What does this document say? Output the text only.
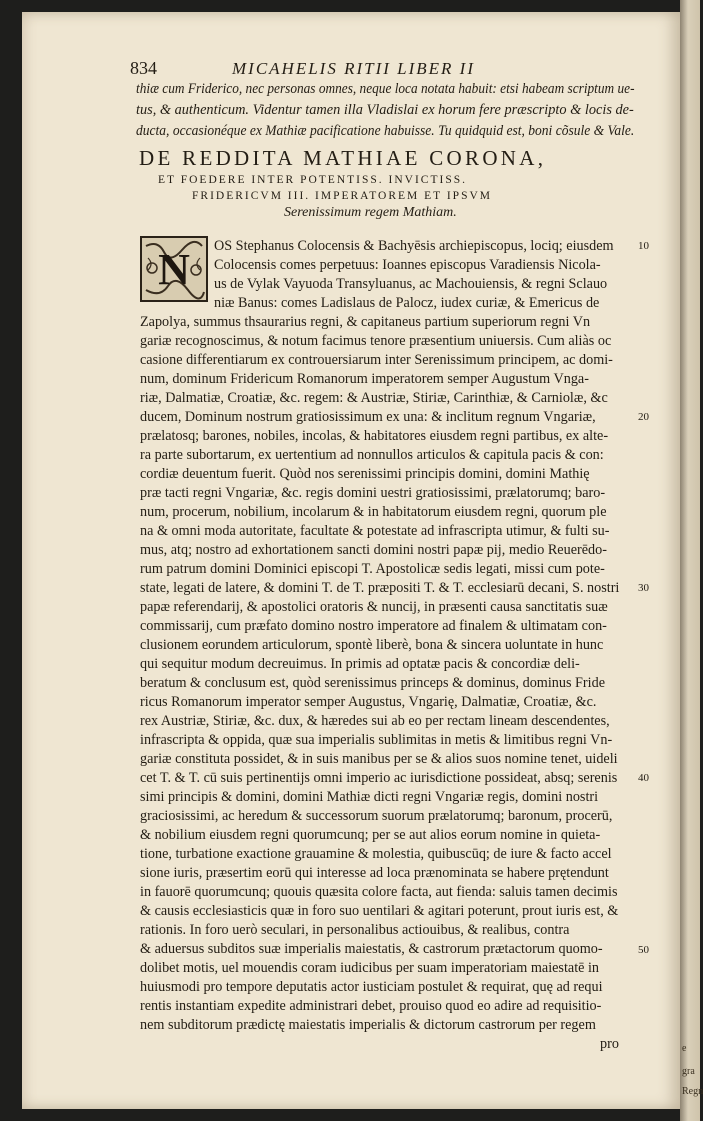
e
gra
Regn
834	MICAHELIS RITII LIBER II
thiæ cum Friderico, nec personas omnes, neque loca notata habuit: etsi habeam scriptum ue-
tus, & authenticum. Videntur tamen illa Vladislai ex horum fere præscripto & locis de-
ducta, occasionéque ex Mathiæ pacificatione habuisse. Tu quidquid est, boni cõsule & Vale.
DE REDDITA MATHIAE CORONA,
ET FOEDERE INTER POTENTISS. INVICTISS.
FRIDERICVM III. IMPERATOREM ET IPSVM
Serenissimum regem Mathiam.
N OS Stephanus Colocensis & Bachyēsis archiepiscopus, lociq; eiusdem
Colocensis comes perpetuus: Ioannes episcopus Varadiensis Nicola-
us de Vylak Vayuoda Transyluanus, ac Machouiensis, & regni Sclauo
niæ Banus: comes Ladislaus de Palocz, iudex curiæ, & Emericus de
Zapolya, summus thsaurarius regni, & capitaneus partium superiorum regni Vn
gariæ recognoscimus, & notum facimus tenore præsentium uniuersis. Cum aliàs oc
casione differentiarum ex controuersiarum inter Serenissimum principem, ac domi-
num, dominum Fridericum Romanorum imperatorem semper Augustum Vnga-
riæ, Dalmatiæ, Croatiæ, &c. regem: & Austriæ, Stiriæ, Carinthiæ, & Carniolæ, &c
ducem, Dominum nostrum gratiosissimum ex una: & inclitum regnum Vngariæ,
prælatosq; barones, nobiles, incolas, & habitatores eiusdem regni partibus, ex alte-
ra parte subortarum, ex uertentium ad nonnullos articulos & capitula pacis & con:
cordiæ deuentum fuerit. Quòd nos serenissimi principis domini, domini Mathię
præ tacti regni Vngariæ, &c. regis domini uestri gratiosissimi, prælatorumq; baro-
num, procerum, nobilium, incolarum & in habitatorum eiusdem regni, quorum ple
na & omni moda autoritate, facultate & potestate ad infrascripta utimur, & fulti su-
mus, atq; nostro ad exhortationem sancti domini nostri papæ pij, medio Reuerēdo-
rum patrum domini Dominici episcopi T. Apostolicæ sedis legati, missi cum pote-
state, legati de latere, & domini T. de T. præpositi T. & T. ecclesiarū decani, S. nostri
papæ referendarij, & apostolici oratoris & nuncij, in præsenti causa sanctitatis suæ
commissarij, cum præfato domino nostro imperatore ad finalem & ultimatam con-
clusionem eorundem articulorum, spontè liberè, bona & sincera uoluntate in hunc
qui sequitur modum decreuimus. In primis ad optatæ pacis & concordiæ deli-
beratum & conclusum est, quòd serenissimus princeps & dominus, dominus Fride
ricus Romanorum imperator semper Augustus, Vngarię, Dalmatiæ, Croatiæ, &c.
rex Austriæ, Stiriæ, &c. dux, & hæredes sui ab eo per rectam lineam descendentes,
infrascripta & oppida, quæ sua imperialis sublimitas in metis & limitibus regni Vn-
gariæ constituta possidet, & in suis manibus per se & alios suos nomine tenet, uideli
cet T. & T. cū suis pertinentijs omni imperio ac iurisdictione possideat, absq; serenis
simi principis & domini, domini Mathiæ dicti regni Vngariæ regis, domini nostri
graciosissimi, ac heredum & successorum suorum prælatorumq; baronum, procerū,
& nobilium eiusdem regni quorumcunq; per se aut alios eorum nomine in quieta-
tione, turbatione exactione grauamine & molestia, quibuscūq; de iure & facto accel
sione iuris, præsertim eorū qui interesse ad loca prænominata se habere prętendunt
in fauorē quorumcunq; quouis quæsita colore facta, aut fienda: saluis tamen decimis
& causis ecclesiasticis quæ in foro suo uentilari & agitari poterunt, prout iuris est, &
rationis. In foro uerò seculari, in personalibus actiouibus, & realibus, contra
& aduersus subditos suæ imperialis maiestatis, & castrorum prætactorum quomo-
dolibet motis, uel mouendis coram iudicibus per suam imperatoriam maiestatē in
huiusmodi pro tempore deputatis actor iusticiam postulet & requirat, quę ad requi
rentis instantiam expedite administrari debet, prouiso quod eo adire ad requisitio-
nem subditorum prædictę maiestatis imperialis & dictorum castrorum per regem
pro
10
20
30
40
50
